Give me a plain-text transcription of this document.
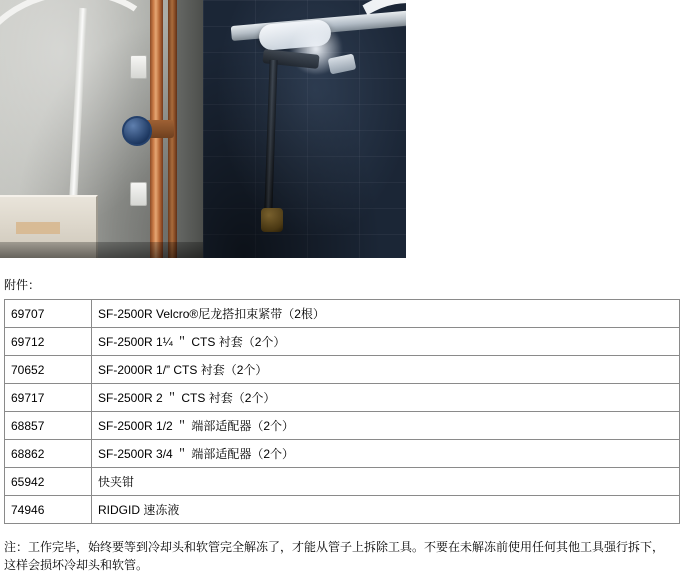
附件：
69707	SF-2500R Velcro®尼龙搭扣束紧带（2根）
69712	SF-2500R 1¼ ＂ CTS 衬套（2个）
70652	SF-2000R 1/” CTS 衬套（2个）
69717	SF-2500R 2 ＂ CTS 衬套（2个）
68857	SF-2500R 1/2 ＂ 端部适配器（2个）
68862	SF-2500R 3/4 ＂ 端部适配器（2个）
65942	快夹钳
74946	RIDGID 速冻液
注：工作完毕，始终要等到冷却头和软管完全解冻了，才能从管子上拆除工具。不要在未解冻前使用任何其他工具强行拆下，这样会损坏冷却头和软管。
